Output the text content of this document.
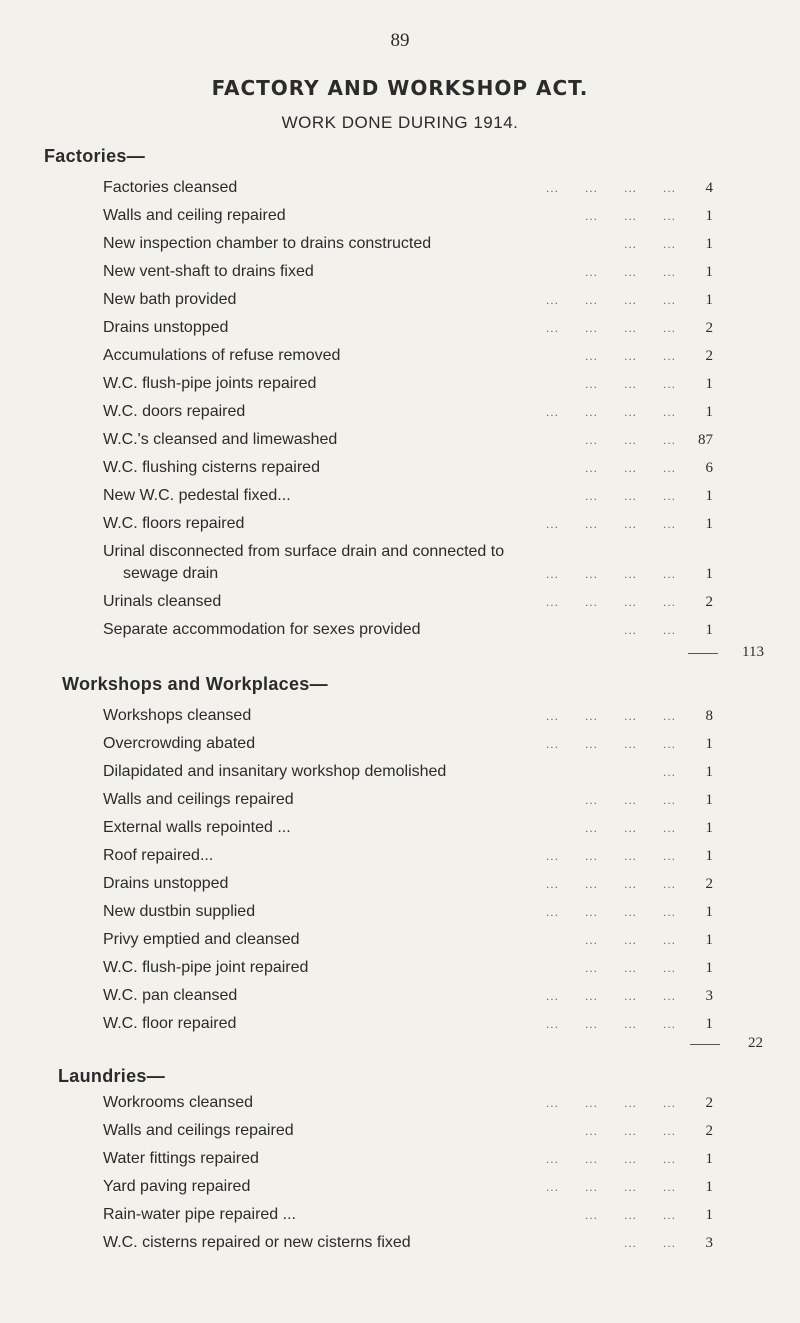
89
FACTORY AND WORKSHOP ACT.
WORK DONE DURING 1914.
Factories—
Factories cleansed	...      ...      ...      ...	4
Walls and ceiling repaired	...      ...      ...	1
New inspection chamber to drains constructed	...      ...	1
New vent-shaft to drains fixed	...      ...      ...	1
New bath provided	...      ...      ...      ...	1
Drains unstopped	...      ...      ...      ...	2
Accumulations of refuse removed	...      ...      ...	2
W.C. flush-pipe joints repaired	...      ...      ...	1
W.C. doors repaired	...      ...      ...      ...	1
W.C.'s cleansed and limewashed	...      ...      ...	87
W.C. flushing cisterns repaired	...      ...      ...	6
New W.C. pedestal fixed...	...      ...      ...	1
W.C. floors repaired	...      ...      ...      ...	1
Urinal disconnected from surface drain and connected to
sewage drain	...      ...      ...      ...	1
Urinals cleansed	...      ...      ...      ...	2
Separate accommodation for sexes provided	...      ...	1
113
Workshops and Workplaces—
Workshops cleansed	...      ...      ...      ...	8
Overcrowding abated	...      ...      ...      ...	1
Dilapidated and insanitary workshop demolished	...	1
Walls and ceilings repaired	...      ...      ...	1
External walls repointed ...	...      ...      ...	1
Roof repaired...	...      ...      ...      ...	1
Drains unstopped	...      ...      ...      ...	2
New dustbin supplied	...      ...      ...      ...	1
Privy emptied and cleansed	...      ...      ...	1
W.C. flush-pipe joint repaired	...      ...      ...	1
W.C. pan cleansed	...      ...      ...      ...	3
W.C. floor repaired	...      ...      ...      ...	1
22
Laundries—
Workrooms cleansed	...      ...      ...      ...	2
Walls and ceilings repaired	...      ...      ...	2
Water fittings repaired	...      ...      ...      ...	1
Yard paving repaired	...      ...      ...      ...	1
Rain-water pipe repaired ...	...      ...      ...	1
W.C. cisterns repaired or new cisterns fixed	...      ...	3
